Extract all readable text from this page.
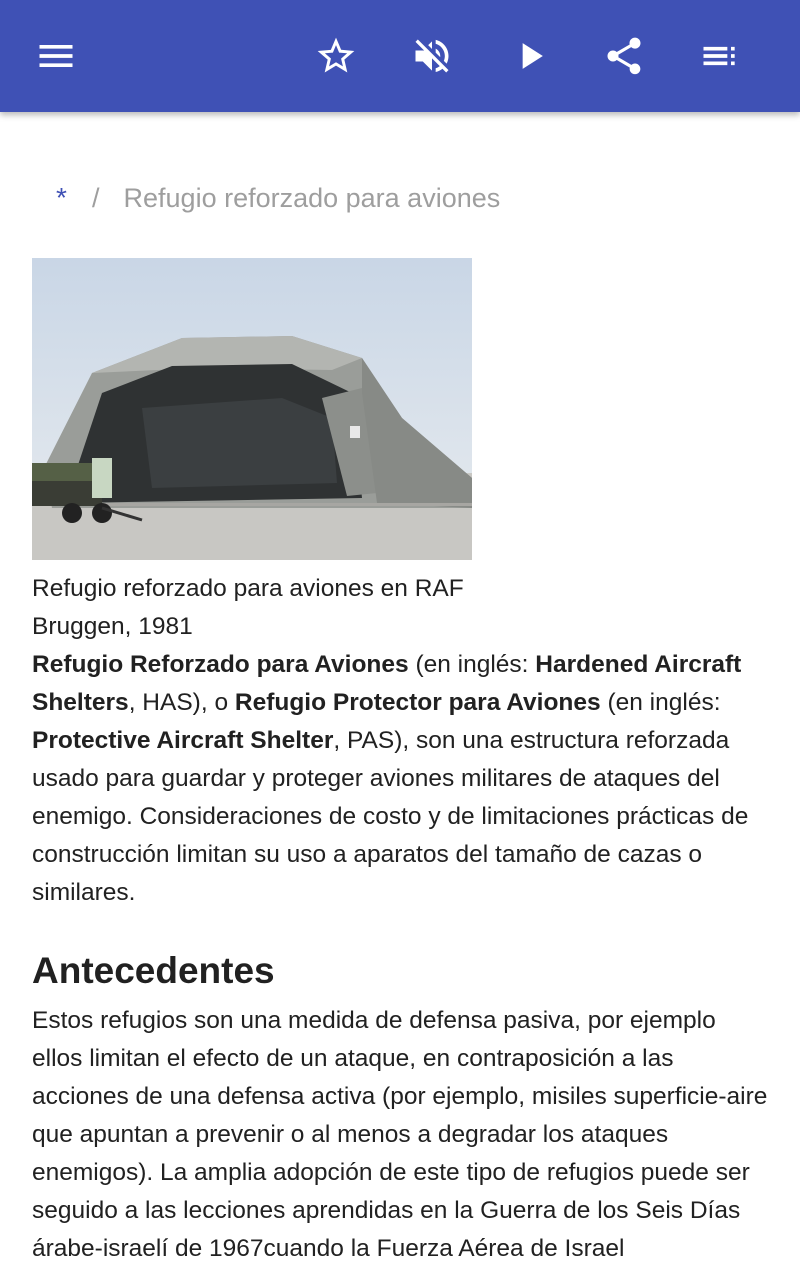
* / Refugio reforzado para aviones
Refugio reforzado para aviones en RAF Bruggen, 1981
Refugio Reforzado para Aviones (en inglés: Hardened Aircraft Shelters, HAS), o Refugio Protector para Aviones (en inglés: Protective Aircraft Shelter, PAS), son una estructura reforzada usado para guardar y proteger aviones militares de ataques del enemigo. Consideraciones de costo y de limitaciones prácticas de construcción limitan su uso a aparatos del tamaño de cazas o similares.
Antecedentes
Estos refugios son una medida de defensa pasiva, por ejemplo ellos limitan el efecto de un ataque, en contraposición a las acciones de una defensa activa (por ejemplo, misiles superficie-aire que apuntan a prevenir o al menos a degradar los ataques enemigos). La amplia adopción de este tipo de refugios puede ser seguido a las lecciones aprendidas en la Guerra de los Seis Días árabe-israelí de 1967cuando la Fuerza Aérea de Israel
